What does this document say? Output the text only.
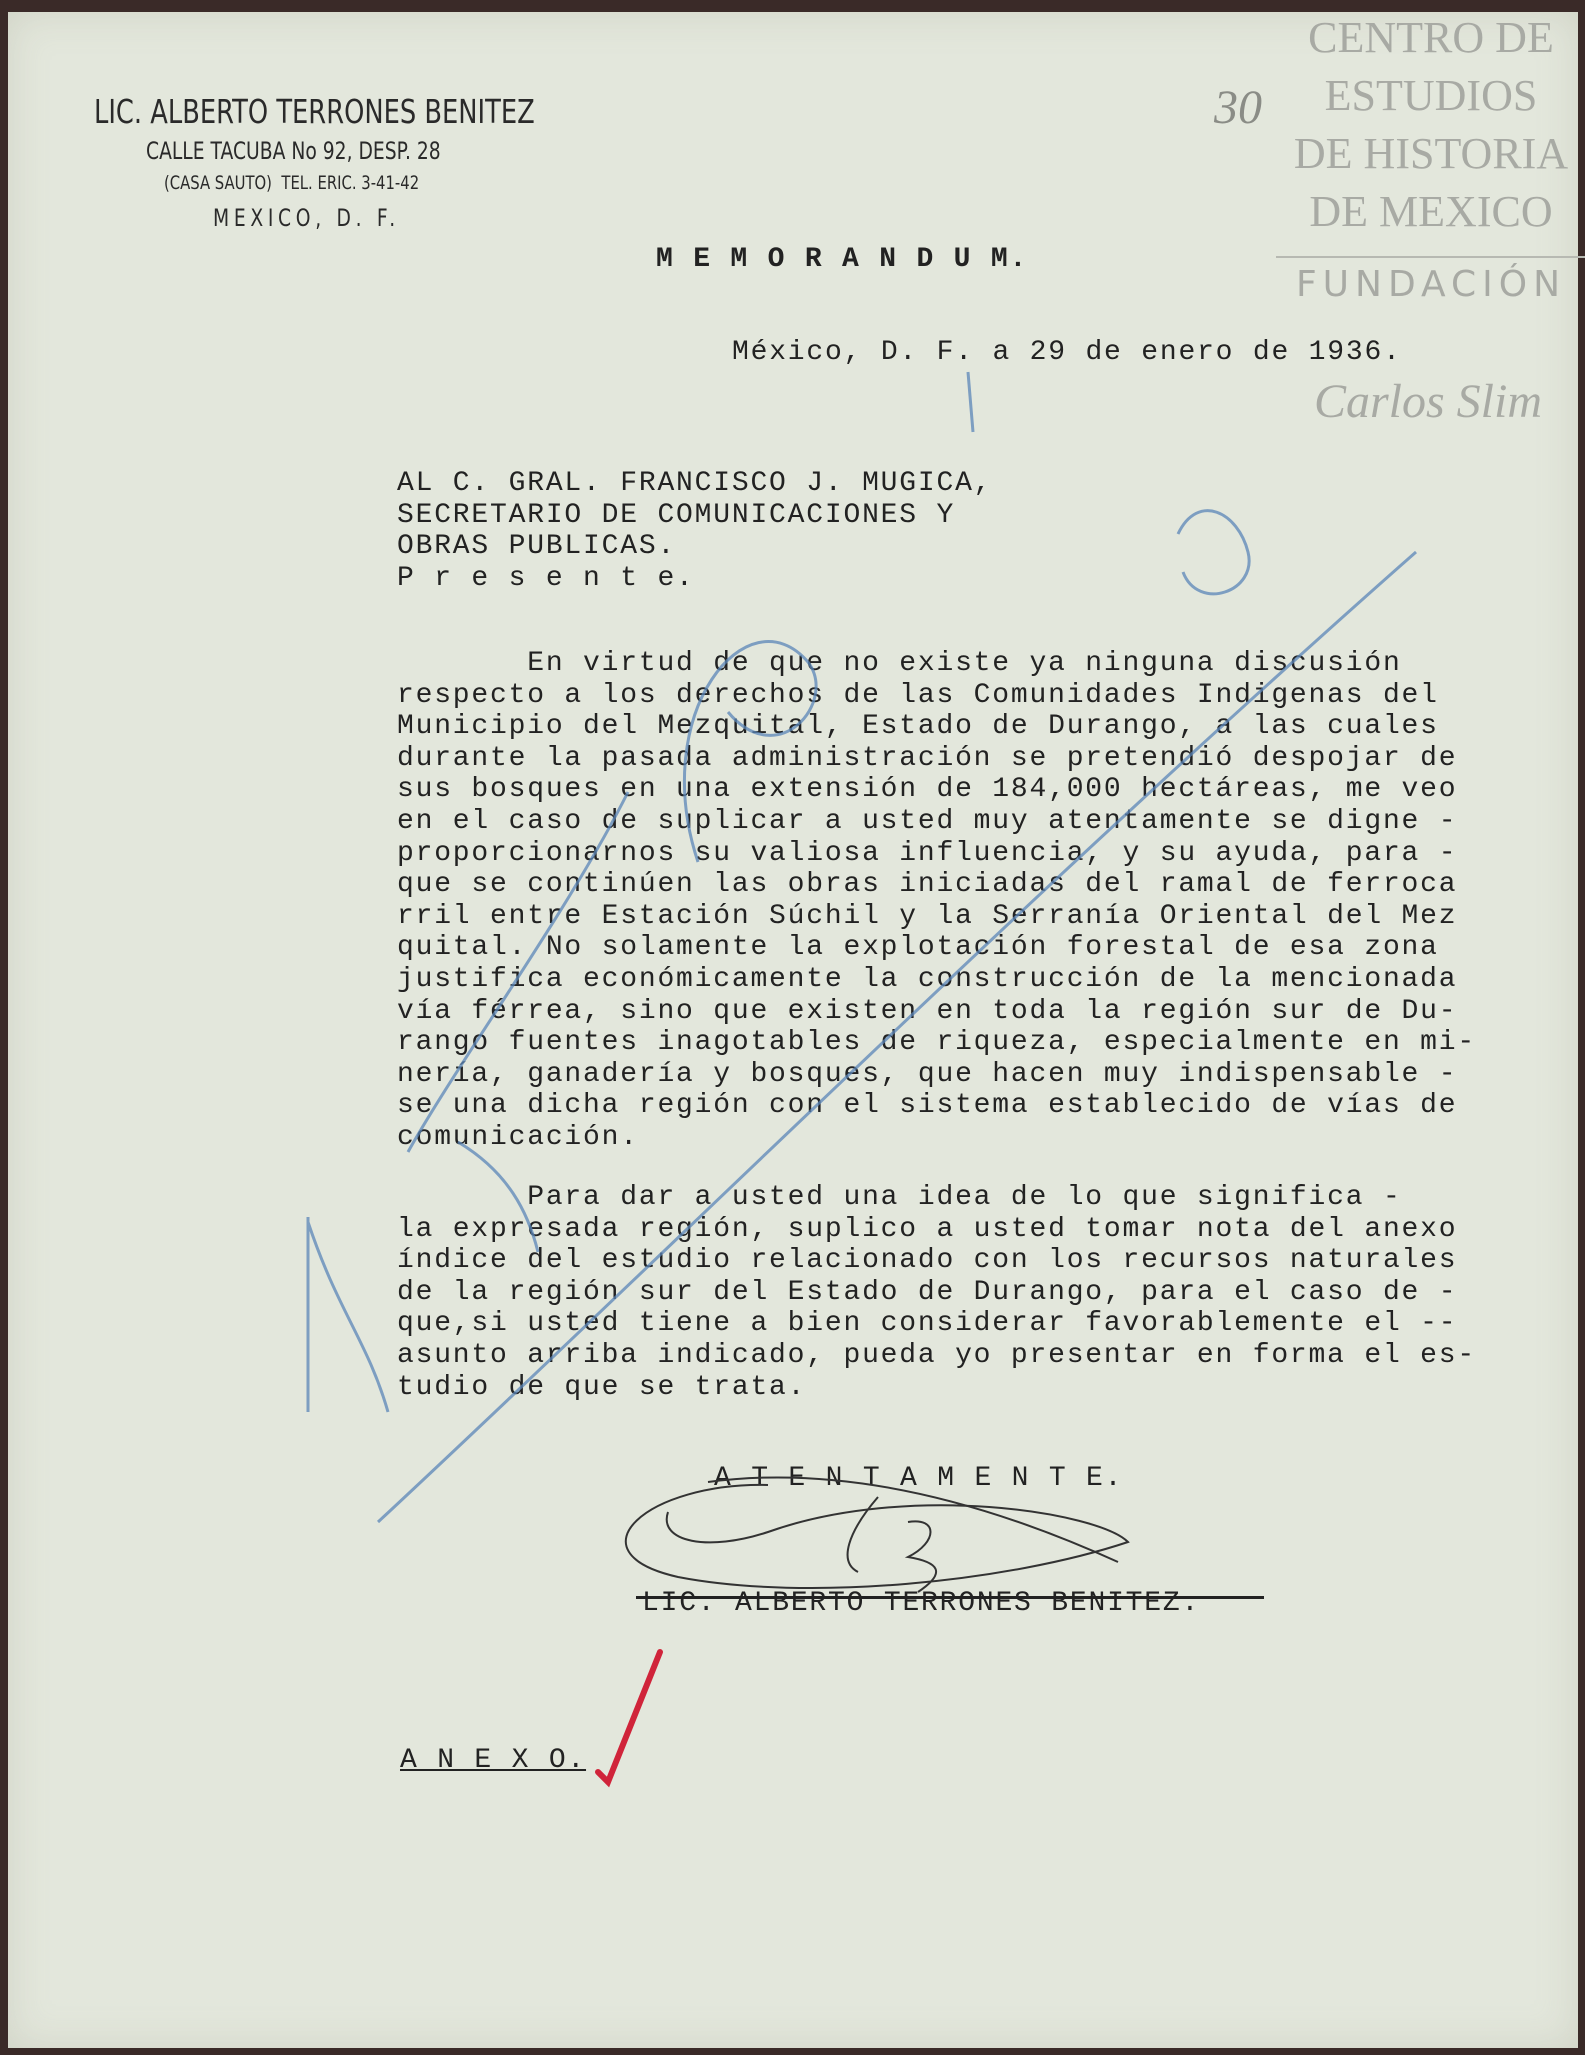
LIC. ALBERTO TERRONES BENITEZ
CALLE TACUBA No 92, DESP. 28
(CASA SAUTO)  TEL. ERIC. 3-41-42
MEXICO, D. F.
CENTRO DE
ESTUDIOS
DE HISTORIA
DE MEXICO
FUNDACIÓN
Carlos Slim
30
M E M O R A N D U M.
México, D. F. a 29 de enero de 1936.
AL C. GRAL. FRANCISCO J. MUGICA,
SECRETARIO DE COMUNICACIONES Y
OBRAS PUBLICAS.
P r e s e n t e.
En virtud de que no existe ya ninguna discusión
respecto a los derechos de las Comunidades Indigenas del
Municipio del Mezquital, Estado de Durango, a las cuales
durante la pasada administración se pretendió despojar de
sus bosques en una extensión de 184,000 hectáreas, me veo
en el caso de suplicar a usted muy atentamente se digne -
proporcionarnos su valiosa influencia, y su ayuda, para -
que se continúen las obras iniciadas del ramal de ferroca
rril entre Estación Súchil y la Serranía Oriental del Mez
quital. No solamente la explotación forestal de esa zona
justifica económicamente la construcción de la mencionada
vía férrea, sino que existen en toda la región sur de Du-
rango fuentes inagotables de riqueza, especialmente en mi-
nería, ganadería y bosques, que hacen muy indispensable -
se una dicha región con el sistema establecido de vías de
comunicación.
Para dar a usted una idea de lo que significa -
la expresada región, suplico a usted tomar nota del anexo
índice del estudio relacionado con los recursos naturales
de la región sur del Estado de Durango, para el caso de -
que,si usted tiene a bien considerar favorablemente el --
asunto arriba indicado, pueda yo presentar en forma el es-
tudio de que se trata.
A T E N T A M E N T E.
LIC. ALBERTO TERRONES BENITEZ.
A N E X O.
